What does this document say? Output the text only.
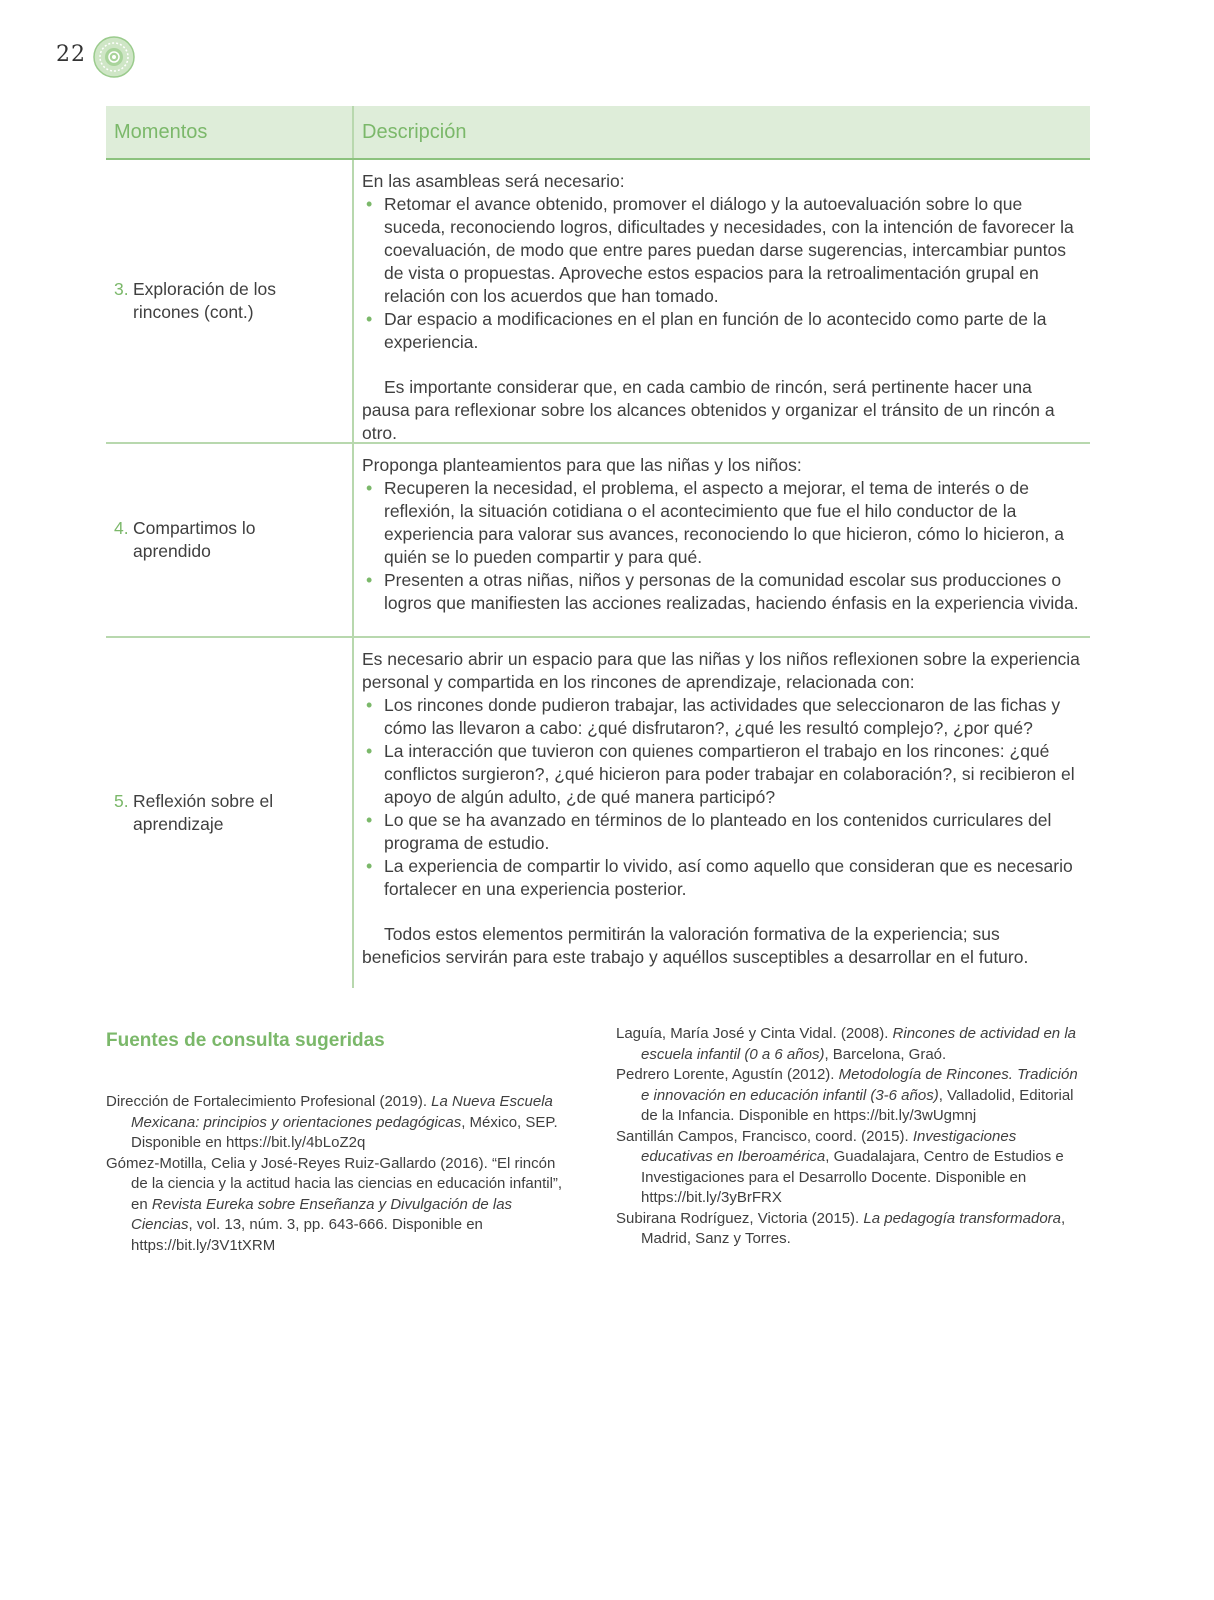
22
Momentos	Descripción
3. Exploración de los rincones (cont.)

En las asambleas será necesario:

• Retomar el avance obtenido, promover el diálogo y la autoevaluación sobre lo que suceda, reconociendo logros, dificultades y necesidades, con la intención de favorecer la coevaluación, de modo que entre pares puedan darse sugerencias, intercambiar puntos de vista o propuestas. Aproveche estos espacios para la retroalimentación grupal en relación con los acuerdos que han tomado.
• Dar espacio a modificaciones en el plan en función de lo acontecido como parte de la experiencia.

Es importante considerar que, en cada cambio de rincón, será pertinente hacer una pausa para reflexionar sobre los alcances obtenidos y organizar el tránsito de un rincón a otro.

4. Compartimos lo aprendido

Proponga planteamientos para que las niñas y los niños:

• Recuperen la necesidad, el problema, el aspecto a mejorar, el tema de interés o de reflexión, la situación cotidiana o el acontecimiento que fue el hilo conductor de la experiencia para valorar sus avances, reconociendo lo que hicieron, cómo lo hicieron, a quién se lo pueden compartir y para qué.
• Presenten a otras niñas, niños y personas de la comunidad escolar sus producciones o logros que manifiesten las acciones realizadas, haciendo énfasis en la experiencia vivida.
5. Reflexión sobre el aprendizaje

Es necesario abrir un espacio para que las niñas y los niños reflexionen sobre la experiencia personal y compartida en los rincones de aprendizaje, relacionada con:

• Los rincones donde pudieron trabajar, las actividades que seleccionaron de las fichas y cómo las llevaron a cabo: ¿qué disfrutaron?, ¿qué les resultó complejo?, ¿por qué?
• La interacción que tuvieron con quienes compartieron el trabajo en los rincones: ¿qué conflictos surgieron?, ¿qué hicieron para poder trabajar en colaboración?, si recibieron el apoyo de algún adulto, ¿de qué manera participó?
• Lo que se ha avanzado en términos de lo planteado en los contenidos curriculares del programa de estudio.
• La experiencia de compartir lo vivido, así como aquello que consideran que es necesario fortalecer en una experiencia posterior.

Todos estos elementos permitirán la valoración formativa de la experiencia; sus beneficios servirán para este trabajo y aquéllos susceptibles a desarrollar en el futuro.

Fuentes de consulta sugeridas

Dirección de Fortalecimiento Profesional (2019). La Nueva Escuela Mexicana: principios y orientaciones pedagógicas, México, SEP. Disponible en https://bit.ly/4bLoZ2q

Gómez-Motilla, Celia y José-Reyes Ruiz-Gallardo (2016). “El rincón de la ciencia y la actitud hacia las ciencias en educación infantil”, en Revista Eureka sobre Enseñanza y Divulgación de las Ciencias, vol. 13, núm. 3, pp. 643-666. Disponible en https://bit.ly/3V1tXRM

Laguía, María José y Cinta Vidal. (2008). Rincones de actividad en la escuela infantil (0 a 6 años), Barcelona, Graó.

Pedrero Lorente, Agustín (2012). Metodología de Rincones. Tradición e innovación en educación infantil (3-6 años), Valladolid, Editorial de la Infancia. Disponible en https://bit.ly/3wUgmnj

Santillán Campos, Francisco, coord. (2015). Investigaciones educativas en Iberoamérica, Guadalajara, Centro de Estudios e Investigaciones para el Desarrollo Docente. Disponible en https://bit.ly/3yBrFRX

Subirana Rodríguez, Victoria (2015). La pedagogía transformadora, Madrid, Sanz y Torres.
